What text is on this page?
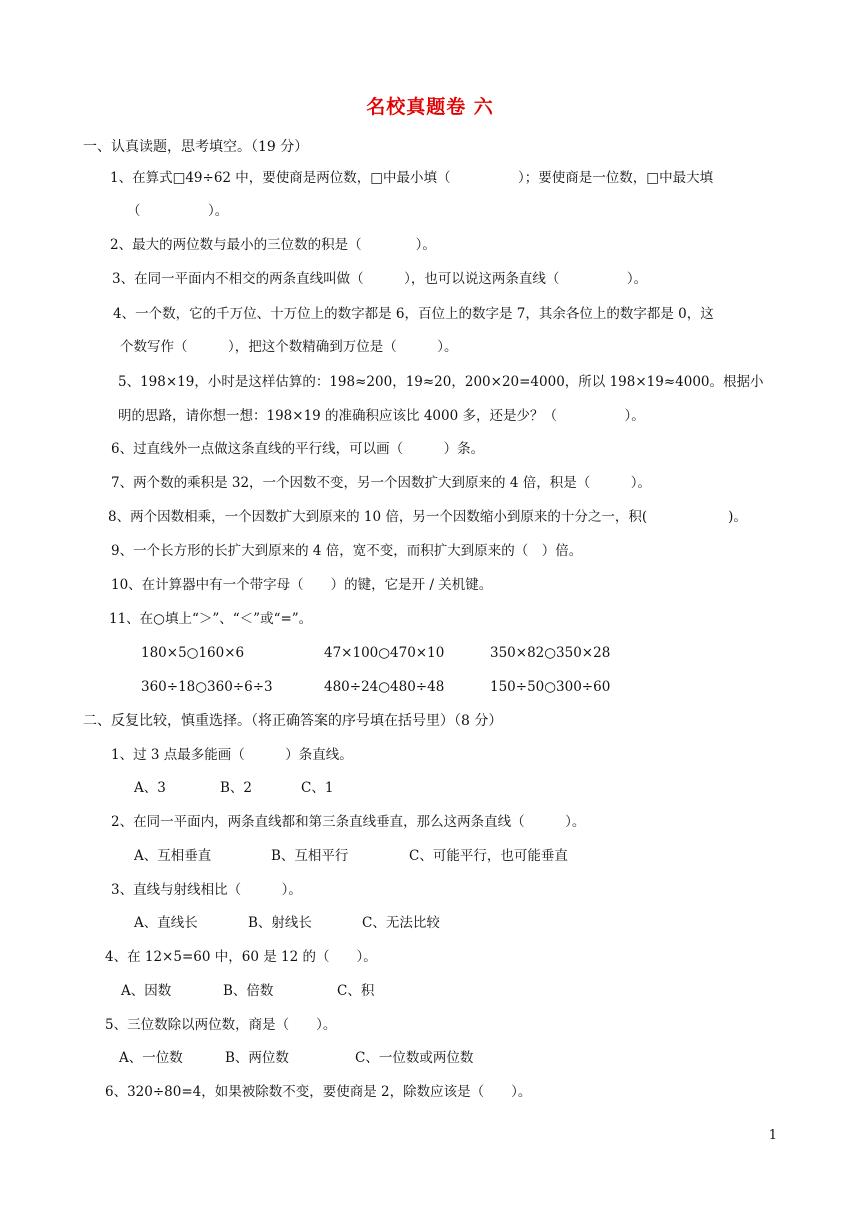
名校真题卷 六
一、认真读题，思考填空。（19 分）
1、在算式□49÷62 中，要使商是两位数，□中最小填（　　　　　）；要使商是一位数，□中最大填
（　　　　　）。
2、最大的两位数与最小的三位数的积是（　　　　）。
3、在同一平面内不相交的两条直线叫做（　　　），也可以说这两条直线（　　　　　）。
4、一个数，它的千万位、十万位上的数字都是 6，百位上的数字是 7，其余各位上的数字都是 0，这
个数写作（　　　），把这个数精确到万位是（　　　）。
5、198×19，小时是这样估算的：198≈200，19≈20，200×20=4000，所以 198×19≈4000。根据小
明的思路，请你想一想：198×19 的准确积应该比 4000 多，还是少？（　　　　　）。
6、过直线外一点做这条直线的平行线，可以画（　　　）条。
7、两个数的乘积是 32，一个因数不变，另一个因数扩大到原来的 4 倍，积是（　　　）。
8、两个因数相乘，一个因数扩大到原来的 10 倍，另一个因数缩小到原来的十分之一，积(　　　　　　)。
9、一个长方形的长扩大到原来的 4 倍，宽不变，而积扩大到原来的（　）倍。
10、在计算器中有一个带字母（　　）的键，它是开 / 关机键。
11、在○填上“＞”、“＜”或“=”。
180×5○160×6	47×100○470×10	350×82○350×28
360÷18○360÷6÷3	480÷24○480÷48	150÷50○300÷60
二、反复比较，慎重选择。（将正确答案的序号填在括号里）（8 分）
1、过 3 点最多能画（　　　）条直线。
A、3	B、2	C、1
2、在同一平面内，两条直线都和第三条直线垂直，那么这两条直线（　　　）。
A、互相垂直	B、互相平行	C、可能平行，也可能垂直
3、直线与射线相比（　　　）。
A、直线长	B、射线长	C、无法比较
4、在 12×5=60 中，60 是 12 的（　　）。
A、因数	B、倍数	C、积
5、三位数除以两位数，商是（　　）。
A、一位数	B、两位数	C、一位数或两位数
6、320÷80=4，如果被除数不变，要使商是 2，除数应该是（　　）。
1
